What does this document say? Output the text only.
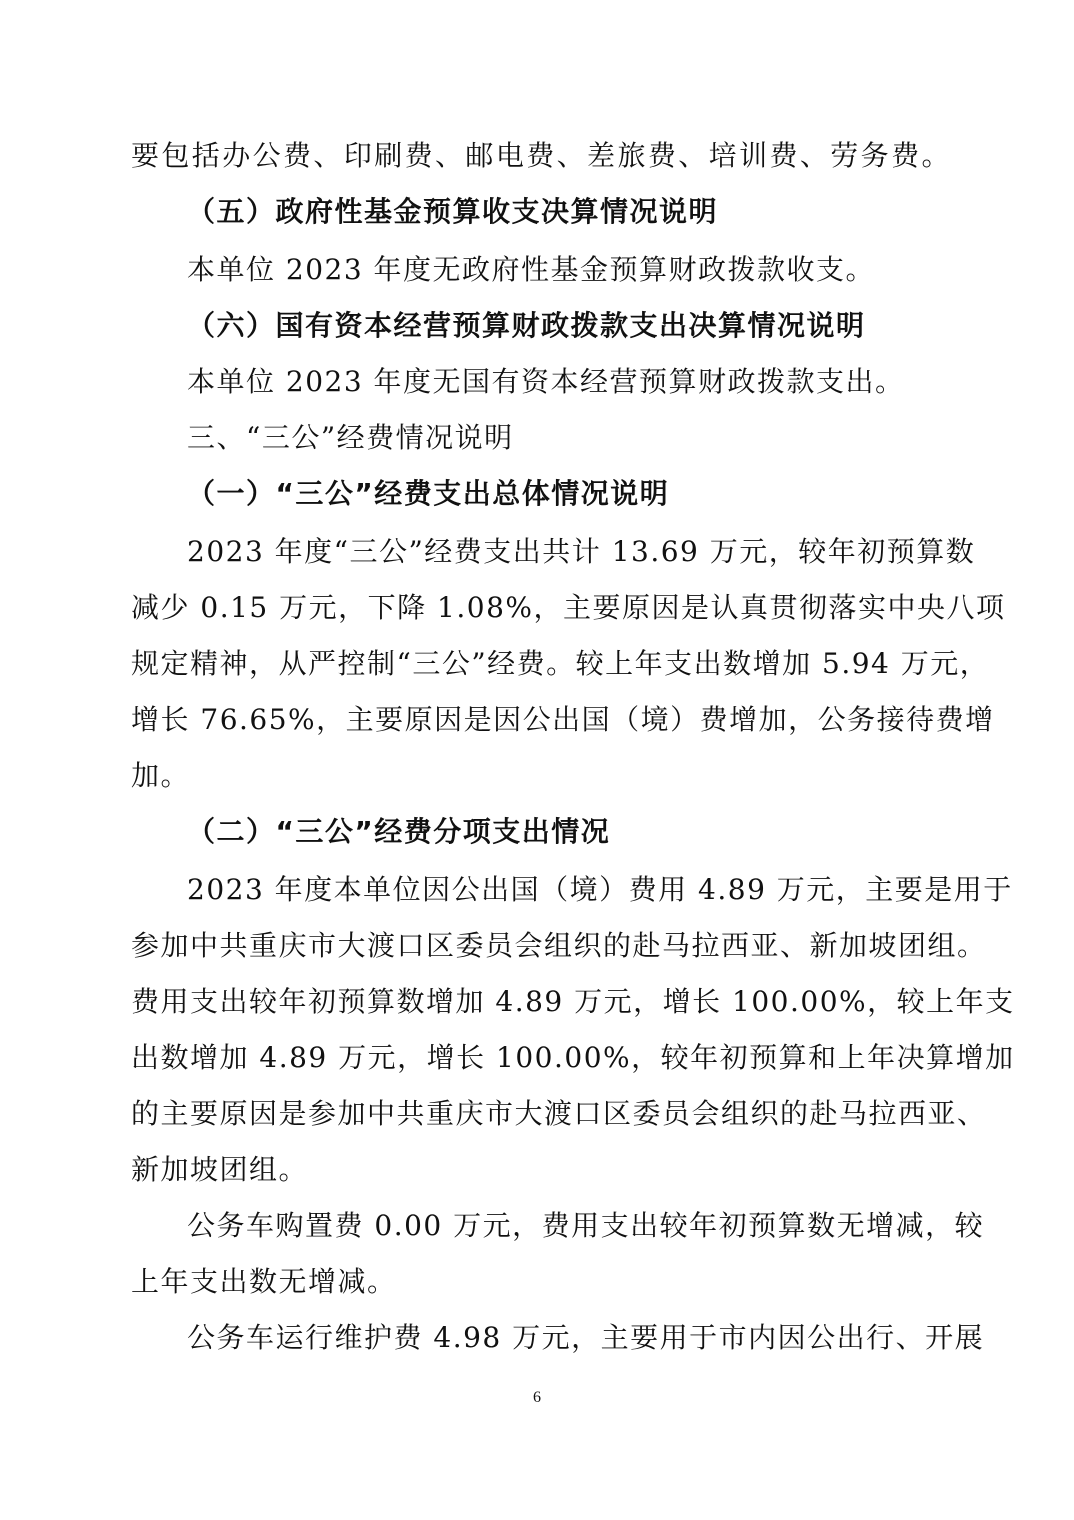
要包括办公费、印刷费、邮电费、差旅费、培训费、劳务费。
（五）政府性基金预算收支决算情况说明
本单位 2023 年度无政府性基金预算财政拨款收支。
（六）国有资本经营预算财政拨款支出决算情况说明
本单位 2023 年度无国有资本经营预算财政拨款支出。
三、“三公”经费情况说明
（一）“三公”经费支出总体情况说明
2023 年度“三公”经费支出共计 13.69 万元，较年初预算数
减少 0.15 万元，下降 1.08%，主要原因是认真贯彻落实中央八项
规定精神，从严控制“三公”经费。较上年支出数增加 5.94 万元，
增长 76.65%，主要原因是因公出国（境）费增加，公务接待费增
加。
（二）“三公”经费分项支出情况
2023 年度本单位因公出国（境）费用 4.89 万元，主要是用于
参加中共重庆市大渡口区委员会组织的赴马拉西亚、新加坡团组。
费用支出较年初预算数增加 4.89 万元，增长 100.00%，较上年支
出数增加 4.89 万元，增长 100.00%，较年初预算和上年决算增加
的主要原因是参加中共重庆市大渡口区委员会组织的赴马拉西亚、
新加坡团组。
公务车购置费 0.00 万元，费用支出较年初预算数无增减，较
上年支出数无增减。
公务车运行维护费 4.98 万元，主要用于市内因公出行、开展
6
